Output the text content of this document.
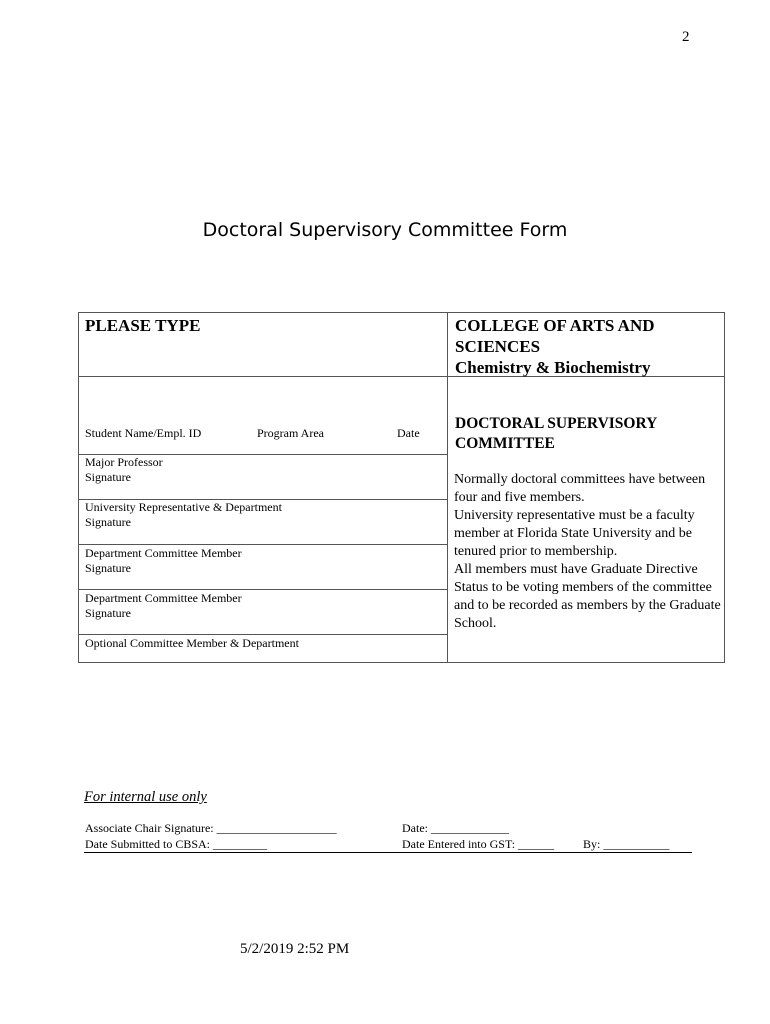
2
Doctoral Supervisory Committee Form
PLEASE TYPE	COLLEGE OF ARTS AND SCIENCES
Chemistry & Biochemistry
Student Name/Empl. ID	Program Area	Date
Major Professor
Signature
University Representative & Department
Signature
Department Committee Member
Signature
Department Committee Member
Signature
Optional Committee Member & Department
DOCTORAL SUPERVISORY COMMITTEE

Normally doctoral committees have between four and five members.

University representative must be a faculty member at Florida State University and be tenured prior to membership.

All members must have Graduate Directive Status to be voting members of the committee and to be recorded as members by the Graduate School.

For internal use only
Associate Chair Signature: ____________________	Date: _____________
Date Submitted to CBSA: _________	Date Entered into GST: ______ By: ___________
5/2/2019 2:52 PM
